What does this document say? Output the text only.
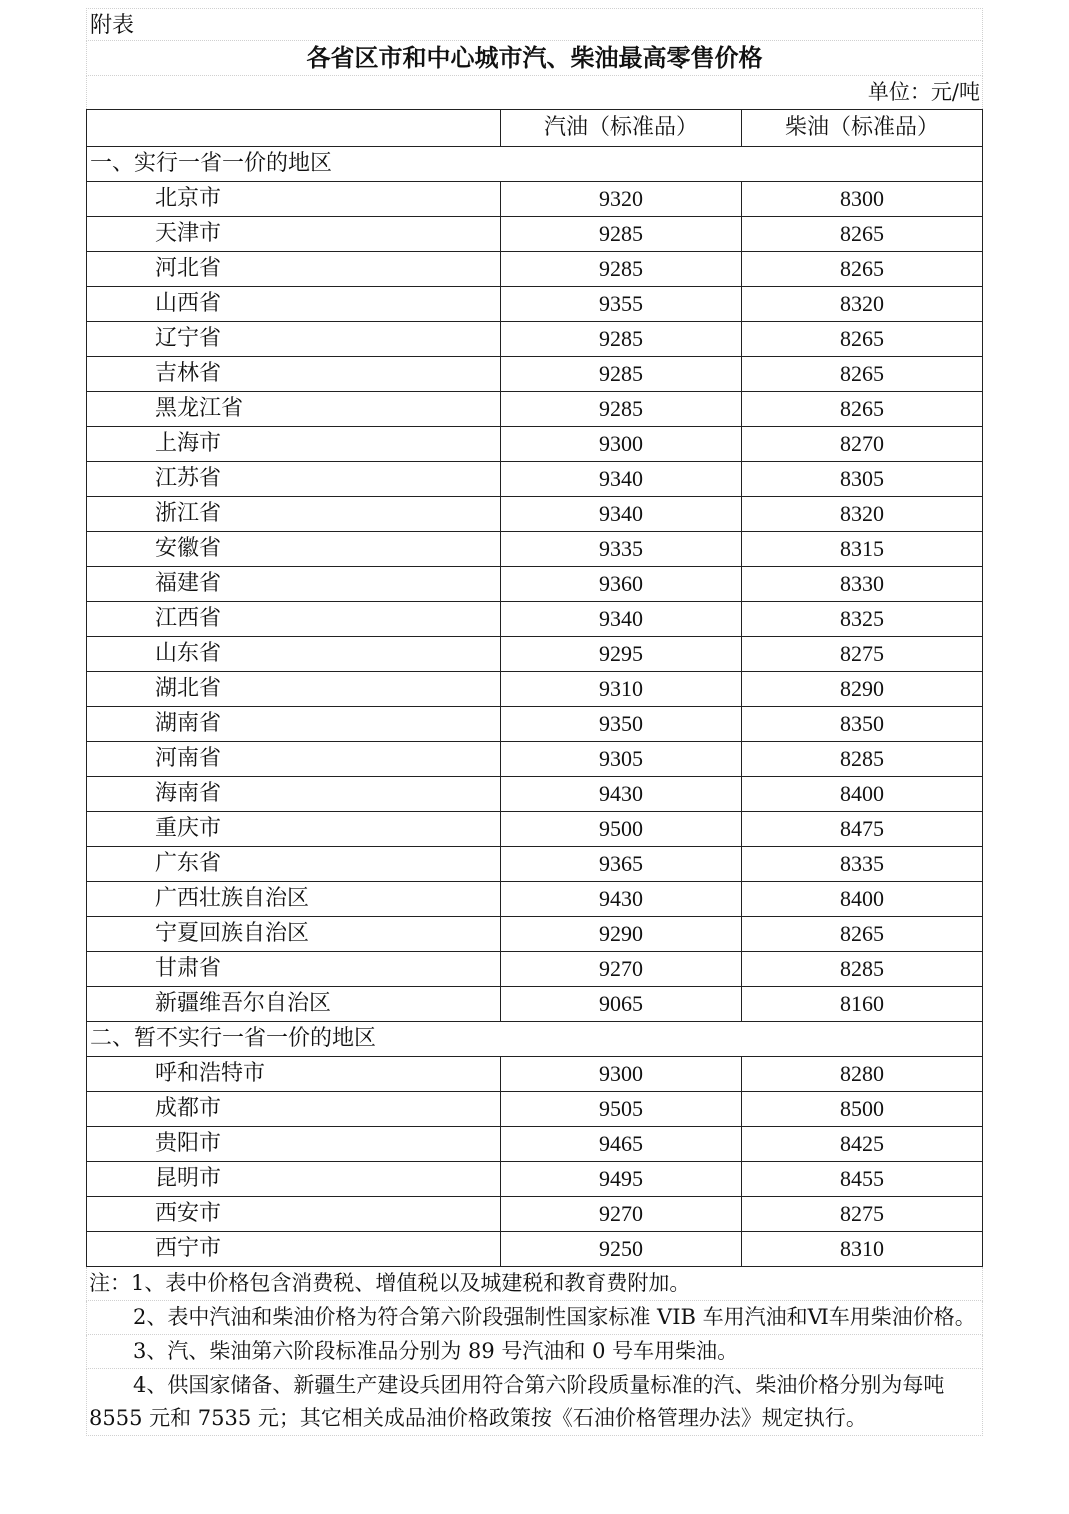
附表
各省区市和中心城市汽、柴油最高零售价格
单位：元/吨
	汽油（标准品）	柴油（标准品）
一、实行一省一价的地区		
北京市	9320	8300
天津市	9285	8265
河北省	9285	8265
山西省	9355	8320
辽宁省	9285	8265
吉林省	9285	8265
黑龙江省	9285	8265
上海市	9300	8270
江苏省	9340	8305
浙江省	9340	8320
安徽省	9335	8315
福建省	9360	8330
江西省	9340	8325
山东省	9295	8275
湖北省	9310	8290
湖南省	9350	8350
河南省	9305	8285
海南省	9430	8400
重庆市	9500	8475
广东省	9365	8335
广西壮族自治区	9430	8400
宁夏回族自治区	9290	8265
甘肃省	9270	8285
新疆维吾尔自治区	9065	8160
二、暂不实行一省一价的地区		
呼和浩特市	9300	8280
成都市	9505	8500
贵阳市	9465	8425
昆明市	9495	8455
西安市	9270	8275
西宁市	9250	8310
注：1、表中价格包含消费税、增值税以及城建税和教育费附加。
2、表中汽油和柴油价格为符合第六阶段强制性国家标准 VIB 车用汽油和Ⅵ车用柴油价格。
3、汽、柴油第六阶段标准品分别为 89 号汽油和 0 号车用柴油。
4、供国家储备、新疆生产建设兵团用符合第六阶段质量标准的汽、柴油价格分别为每吨 8555 元和 7535 元；其它相关成品油价格政策按《石油价格管理办法》规定执行。
